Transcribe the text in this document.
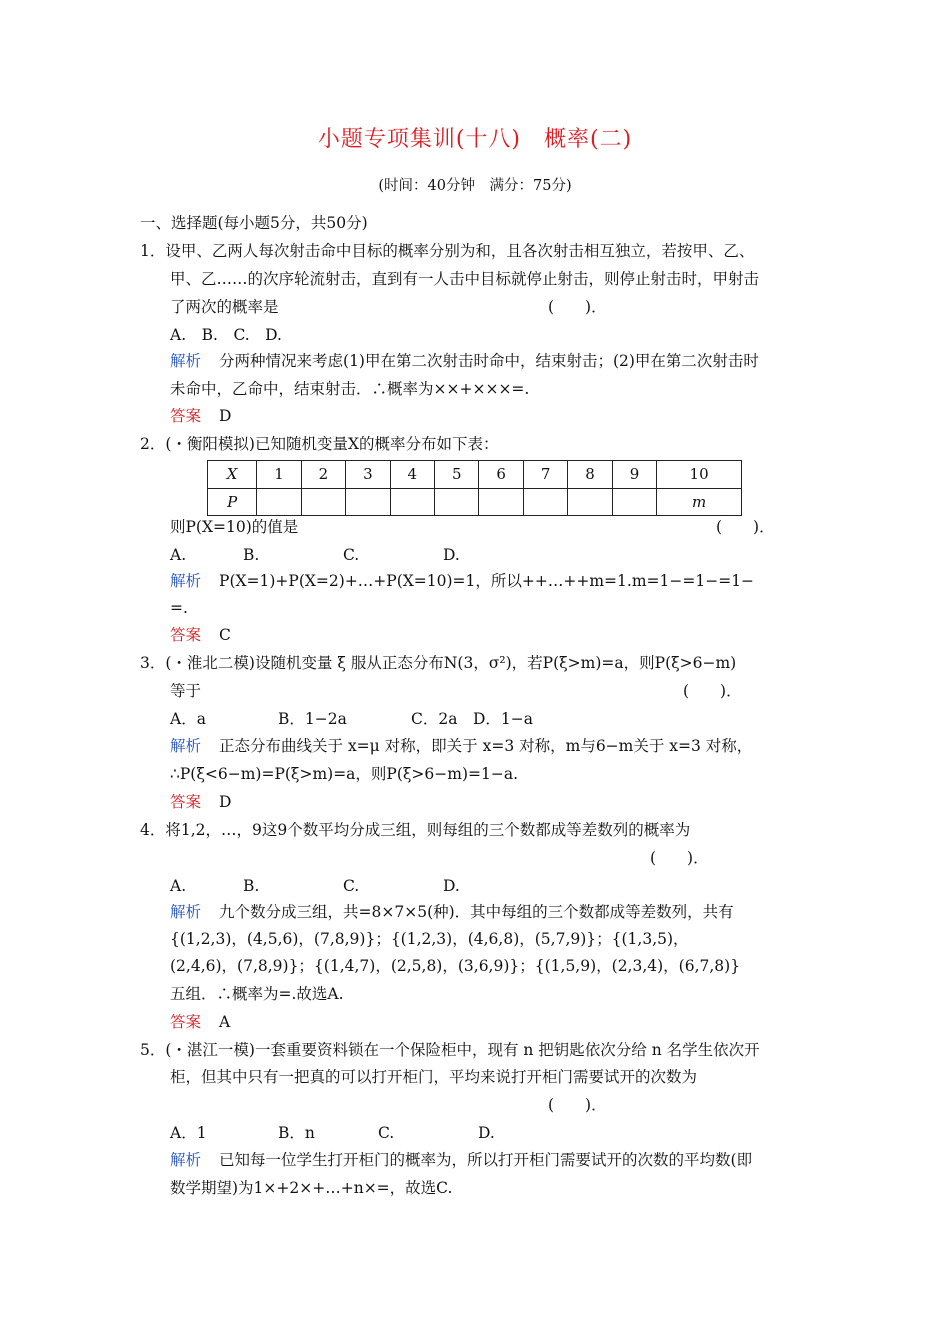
小题专项集训(十八)　概率(二)
(时间：40分钟　满分：75分)
一、选择题(每小题5分，共50分)
1．设甲、乙两人每次射击命中目标的概率分别为和，且各次射击相互独立，若按甲、乙、
甲、乙……的次序轮流射击，直到有一人击中目标就停止射击，则停止射击时，甲射击
了两次的概率是	(　　)．
A.　B.　C.　D.
解析 分两种情况来考虑(1)甲在第二次射击时命中，结束射击；(2)甲在第二次射击时
未命中，乙命中，结束射击．∴概率为××+×××=.
答案 D
2．(・衡阳模拟)已知随机变量X的概率分布如下表：
X	1	2	3	4	5	6	7	8	9	10
P										m
则P(X=10)的值是	(　　)．
A.	B.	C.	D.
解析 P(X=1)+P(X=2)+…+P(X=10)=1，所以++…++m=1.m=1−=1−=1−
=.
答案 C
3．(・淮北二模)设随机变量 ξ 服从正态分布N(3，σ²)，若P(ξ>m)=a，则P(ξ>6−m)
等于	(　　)．
A．a	B．1−2a	C．2a　D．1−a
解析 正态分布曲线关于 x=μ 对称，即关于 x=3 对称，m与6−m关于 x=3 对称，
∴P(ξ<6−m)=P(ξ>m)=a，则P(ξ>6−m)=1−a.
答案 D
4．将1,2，…，9这9个数平均分成三组，则每组的三个数都成等差数列的概率为
(　　)．
A.	B.	C.	D.
解析 九个数分成三组，共=8×7×5(种)．其中每组的三个数都成等差数列，共有
{(1,2,3)，(4,5,6)，(7,8,9)}；{(1,2,3)，(4,6,8)，(5,7,9)}；{(1,3,5)，
(2,4,6)，(7,8,9)}；{(1,4,7)，(2,5,8)，(3,6,9)}；{(1,5,9)，(2,3,4)，(6,7,8)}
五组．∴概率为=.故选A.
答案 A
5．(・湛江一模)一套重要资料锁在一个保险柜中，现有 n 把钥匙依次分给 n 名学生依次开
柜，但其中只有一把真的可以打开柜门，平均来说打开柜门需要试开的次数为
(　　)．
A．1	B．n	C.	D.
解析 已知每一位学生打开柜门的概率为，所以打开柜门需要试开的次数的平均数(即
数学期望)为1×+2×+…+n×=，故选C.
